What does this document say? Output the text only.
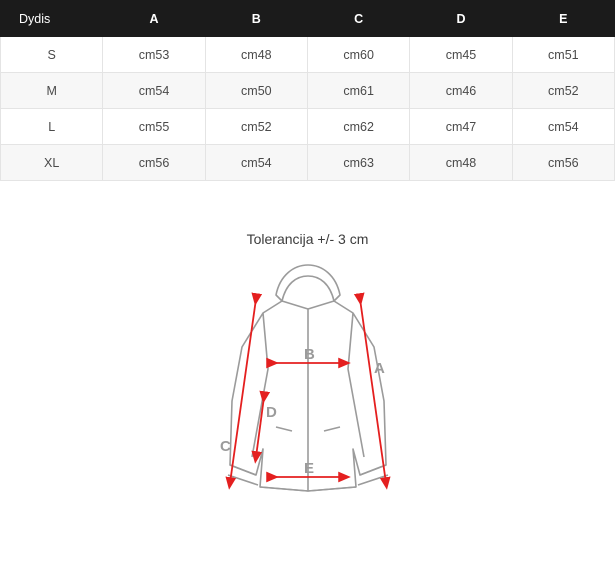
Dydis	A	B	C	D	E
S	cm53	cm48	cm60	cm45	cm51
M	cm54	cm50	cm61	cm46	cm52
L	cm55	cm52	cm62	cm47	cm54
XL	cm56	cm54	cm63	cm48	cm56
Tolerancija +/- 3 cm
A
B
C
D
E
